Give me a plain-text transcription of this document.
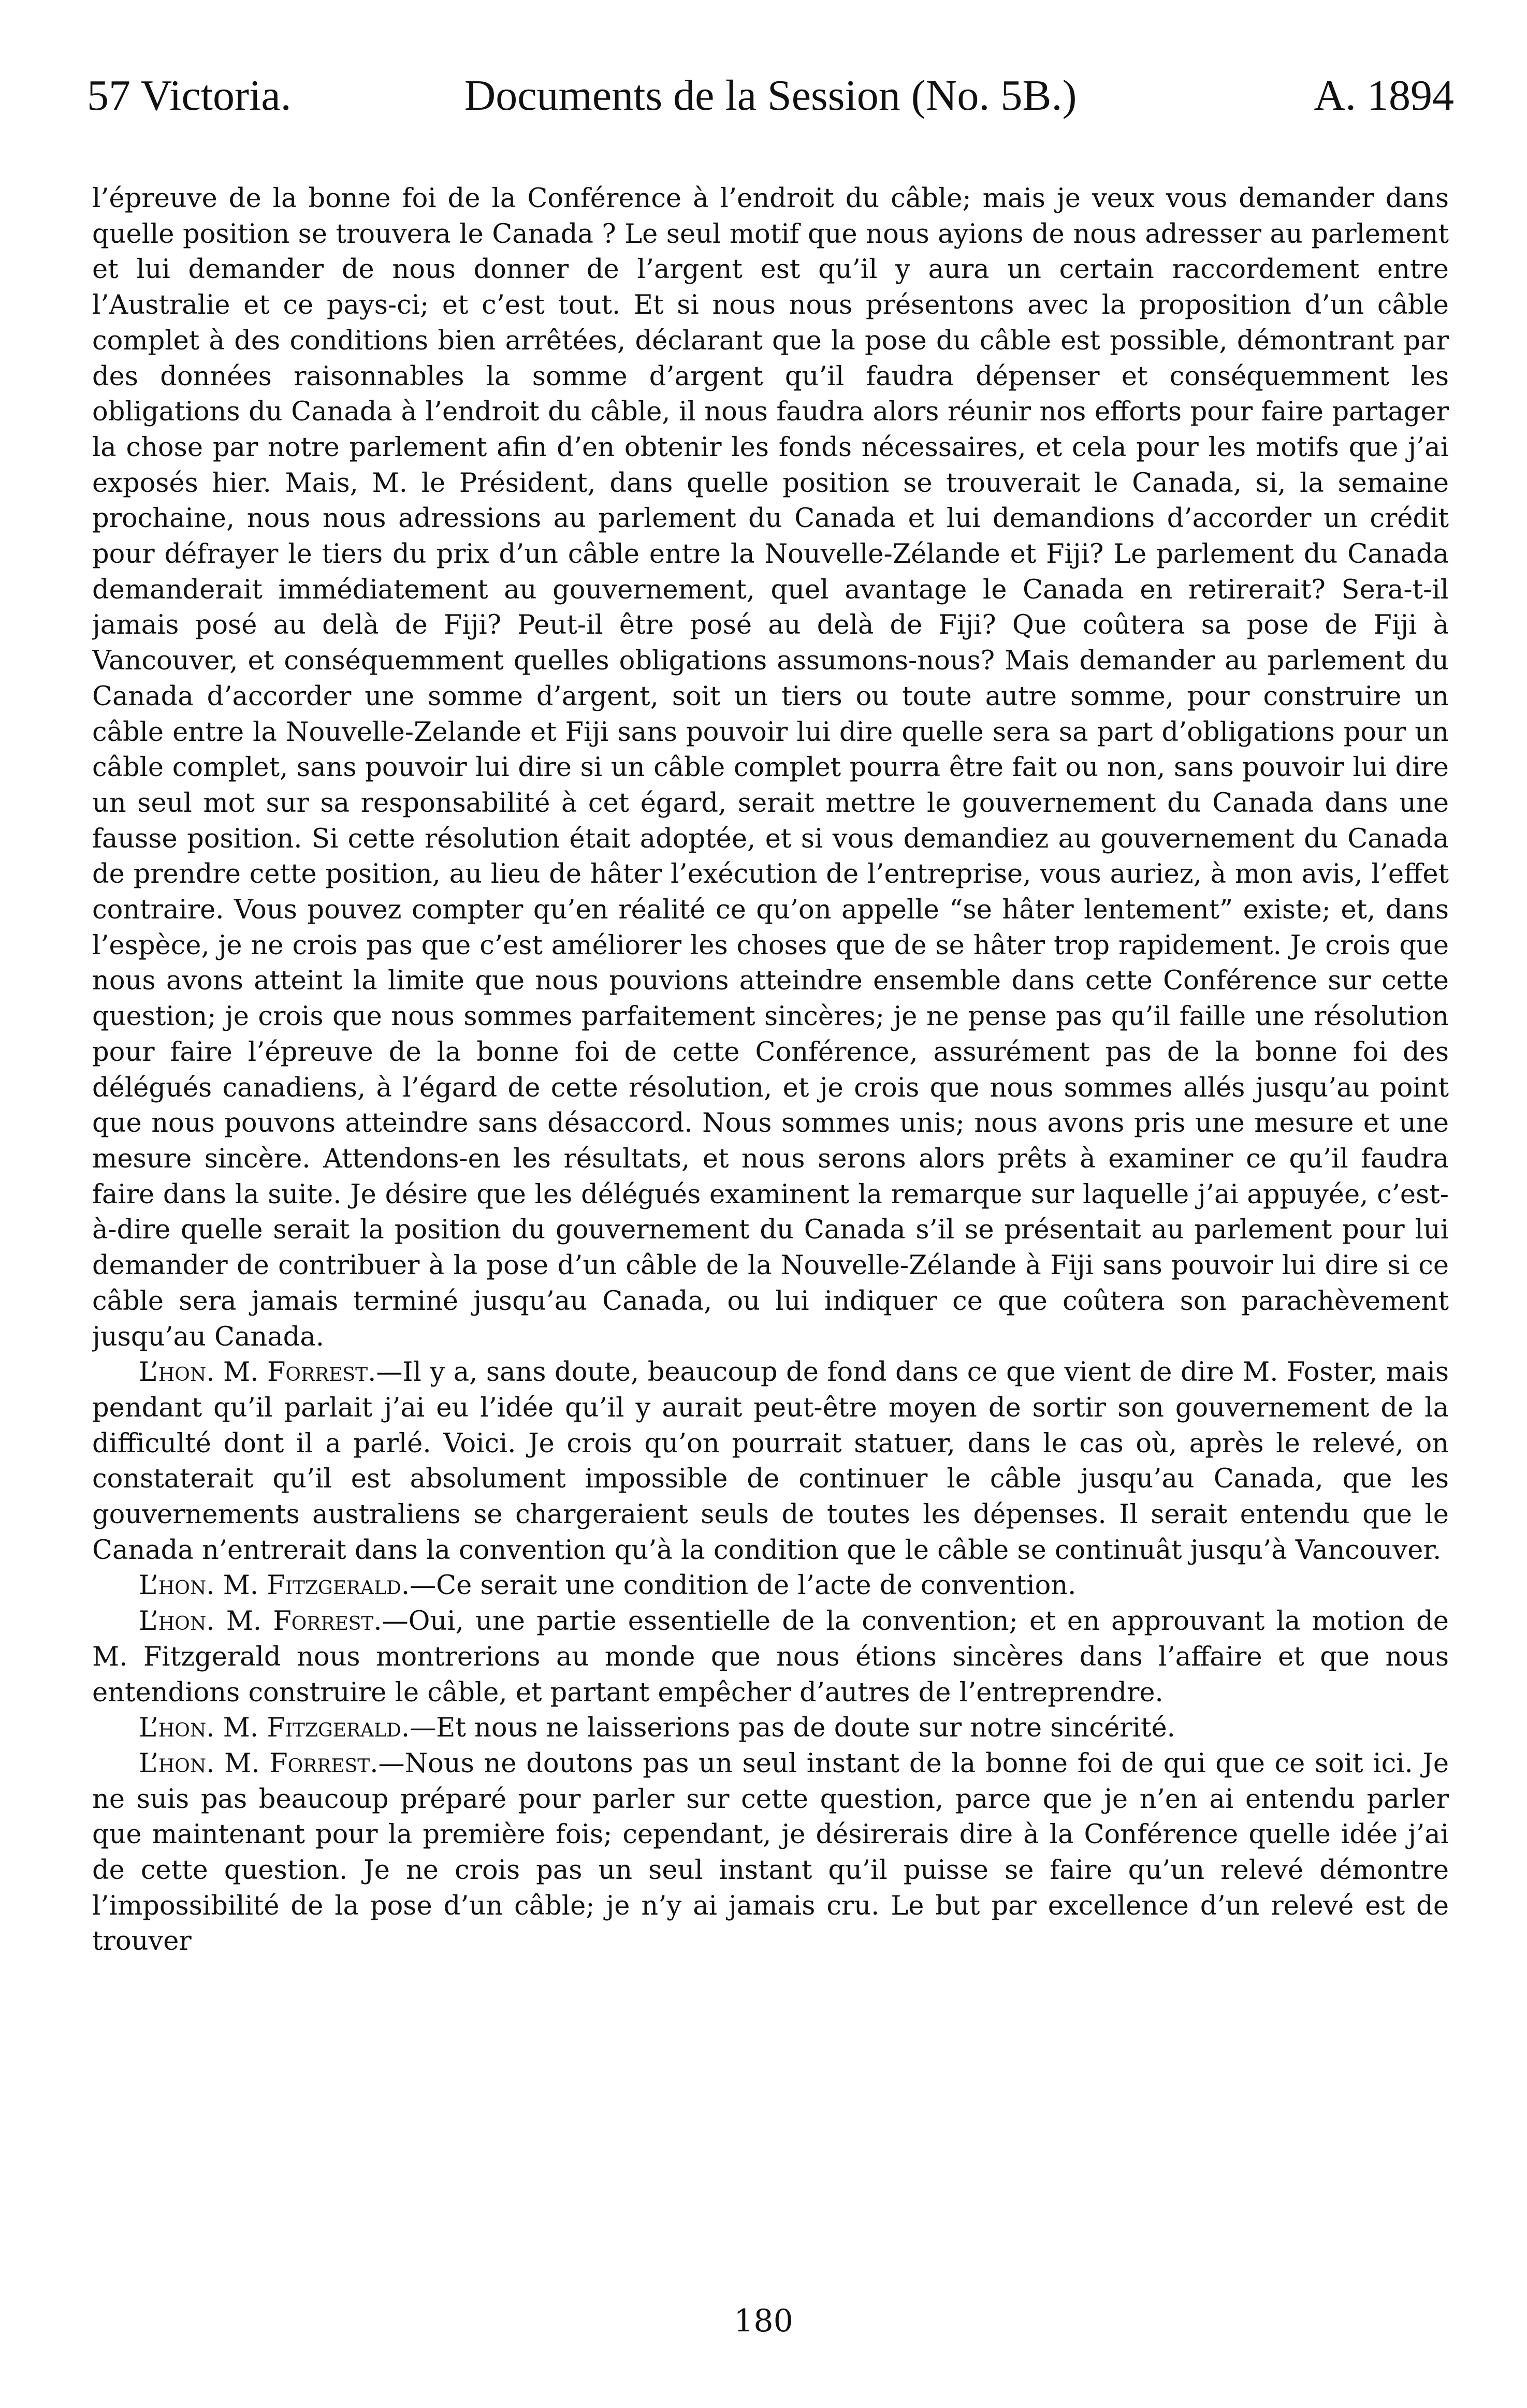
57 Victoria.	Documents de la Session (No. 5B.)	A. 1894

l’épreuve de la bonne foi de la Conférence à l’endroit du câble; mais je veux vous demander dans quelle position se trouvera le Canada ? Le seul motif que nous ayions de nous adresser au parlement et lui demander de nous donner de l’argent est qu’il y aura un certain raccordement entre l’Australie et ce pays-ci; et c’est tout. Et si nous nous présentons avec la proposition d’un câble complet à des conditions bien arrêtées, déclarant que la pose du câble est possible, démontrant par des données raisonnables la somme d’argent qu’il faudra dépenser et conséquemment les obligations du Canada à l’endroit du câble, il nous faudra alors réunir nos efforts pour faire partager la chose par notre parlement afin d’en obtenir les fonds nécessaires, et cela pour les motifs que j’ai exposés hier. Mais, M. le Président, dans quelle position se trouverait le Canada, si, la semaine prochaine, nous nous adressions au parlement du Canada et lui demandions d’accorder un crédit pour défrayer le tiers du prix d’un câble entre la Nouvelle-Zélande et Fiji? Le parlement du Canada demanderait immédiatement au gouvernement, quel avantage le Canada en retirerait? Sera-t-il jamais posé au delà de Fiji? Peut-il être posé au delà de Fiji? Que coûtera sa pose de Fiji à Vancouver, et conséquemment quelles obligations assumons-nous? Mais demander au parlement du Canada d’accorder une somme d’argent, soit un tiers ou toute autre somme, pour construire un câble entre la Nouvelle-Zelande et Fiji sans pouvoir lui dire quelle sera sa part d’obligations pour un câble complet, sans pouvoir lui dire si un câble complet pourra être fait ou non, sans pouvoir lui dire un seul mot sur sa responsabilité à cet égard, serait mettre le gouvernement du Canada dans une fausse position. Si cette résolution était adoptée, et si vous demandiez au gouvernement du Canada de prendre cette position, au lieu de hâter l’exécution de l’entreprise, vous auriez, à mon avis, l’effet contraire. Vous pouvez compter qu’en réalité ce qu’on appelle “se hâter lentement” existe; et, dans l’espèce, je ne crois pas que c’est améliorer les choses que de se hâter trop rapidement. Je crois que nous avons atteint la limite que nous pouvions atteindre ensemble dans cette Conférence sur cette question; je crois que nous sommes parfaitement sincères; je ne pense pas qu’il faille une résolution pour faire l’épreuve de la bonne foi de cette Conférence, assurément pas de la bonne foi des délégués canadiens, à l’égard de cette résolution, et je crois que nous sommes allés jusqu’au point que nous pouvons atteindre sans désaccord. Nous sommes unis; nous avons pris une mesure et une mesure sincère. Attendons-en les résultats, et nous serons alors prêts à examiner ce qu’il faudra faire dans la suite. Je désire que les délégués examinent la remarque sur laquelle j’ai appuyée, c’est-à-dire quelle serait la position du gouvernement du Canada s’il se présentait au parlement pour lui demander de contribuer à la pose d’un câble de la Nouvelle-Zélande à Fiji sans pouvoir lui dire si ce câble sera jamais terminé jusqu’au Canada, ou lui indiquer ce que coûtera son parachèvement jusqu’au Canada.

L’hon. M. Forrest.—Il y a, sans doute, beaucoup de fond dans ce que vient de dire M. Foster, mais pendant qu’il parlait j’ai eu l’idée qu’il y aurait peut-être moyen de sortir son gouvernement de la difficulté dont il a parlé. Voici. Je crois qu’on pourrait statuer, dans le cas où, après le relevé, on constaterait qu’il est absolument impossible de continuer le câble jusqu’au Canada, que les gouvernements australiens se chargeraient seuls de toutes les dépenses. Il serait entendu que le Canada n’entrerait dans la convention qu’à la condition que le câble se continuât jusqu’à Vancouver.

L’hon. M. Fitzgerald.—Ce serait une condition de l’acte de convention.

L’hon. M. Forrest.—Oui, une partie essentielle de la convention; et en approuvant la motion de M. Fitzgerald nous montrerions au monde que nous étions sincères dans l’affaire et que nous entendions construire le câble, et partant empêcher d’autres de l’entreprendre.

L’hon. M. Fitzgerald.—Et nous ne laisserions pas de doute sur notre sincérité.

L’hon. M. Forrest.—Nous ne doutons pas un seul instant de la bonne foi de qui que ce soit ici. Je ne suis pas beaucoup préparé pour parler sur cette question, parce que je n’en ai entendu parler que maintenant pour la première fois; cependant, je désirerais dire à la Conférence quelle idée j’ai de cette question. Je ne crois pas un seul instant qu’il puisse se faire qu’un relevé démontre l’impossibilité de la pose d’un câble; je n’y ai jamais cru. Le but par excellence d’un relevé est de trouver

180
